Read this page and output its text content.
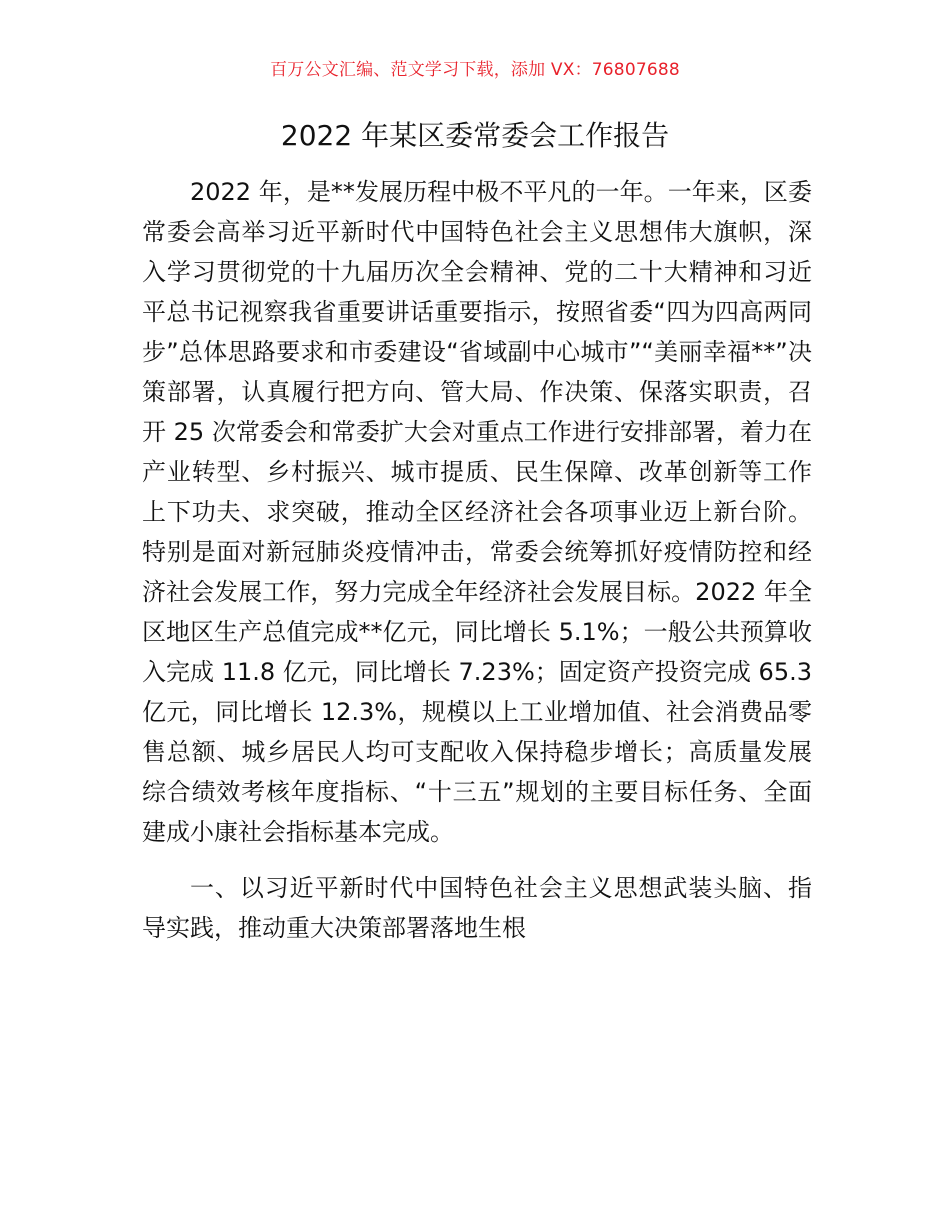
百万公文汇编、范文学习下载，添加 VX：76807688
2022 年某区委常委会工作报告

2022 年，是**发展历程中极不平凡的一年。一年来，区委常委会高举习近平新时代中国特色社会主义思想伟大旗帜，深入学习贯彻党的十九届历次全会精神、党的二十大精神和习近平总书记视察我省重要讲话重要指示，按照省委“四为四高两同步”总体思路要求和市委建设“省域副中心城市”“美丽幸福**”决策部署，认真履行把方向、管大局、作决策、保落实职责，召开 25 次常委会和常委扩大会对重点工作进行安排部署，着力在产业转型、乡村振兴、城市提质、民生保障、改革创新等工作上下功夫、求突破，推动全区经济社会各项事业迈上新台阶。特别是面对新冠肺炎疫情冲击，常委会统筹抓好疫情防控和经济社会发展工作，努力完成全年经济社会发展目标。2022 年全区地区生产总值完成**亿元，同比增长 5.1%；一般公共预算收入完成 11.8 亿元，同比增长 7.23%；固定资产投资完成 65.3 亿元，同比增长 12.3%，规模以上工业增加值、社会消费品零售总额、城乡居民人均可支配收入保持稳步增长；高质量发展综合绩效考核年度指标、“十三五”规划的主要目标任务、全面建成小康社会指标基本完成。

一、以习近平新时代中国特色社会主义思想武装头脑、指导实践，推动重大决策部署落地生根
